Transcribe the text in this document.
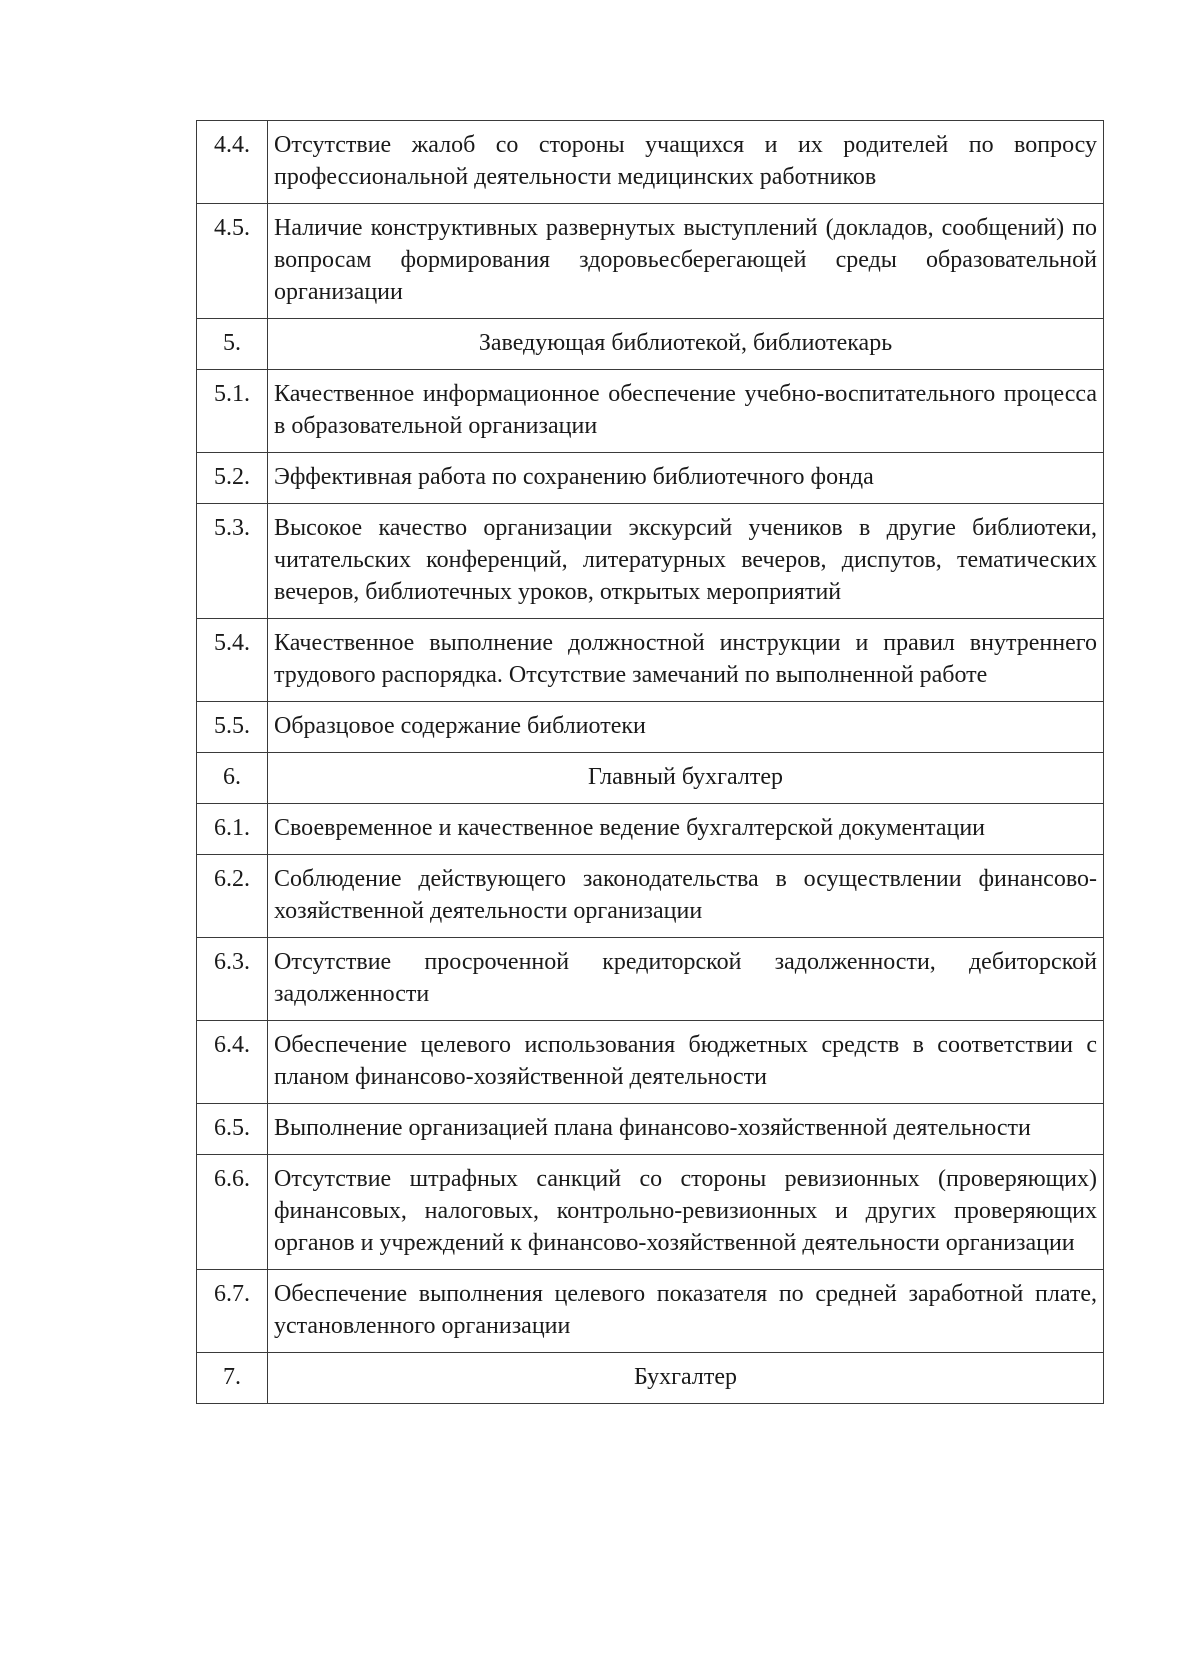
4.4.	Отсутствие жалоб со стороны учащихся и их родителей по вопросу профессиональной деятельности медицинских работников
4.5.	Наличие конструктивных развернутых выступлений (докладов, сообщений) по вопросам формирования здоровьесберегающей среды образовательной организации
5.	Заведующая библиотекой, библиотекарь
5.1.	Качественное информационное обеспечение учебно-воспитательного процесса в образовательной организации
5.2.	Эффективная работа по сохранению библиотечного фонда
5.3.	Высокое качество организации экскурсий учеников в другие библиотеки, читательских конференций, литературных вечеров, диспутов, тематических вечеров, библиотечных уроков, открытых мероприятий
5.4.	Качественное выполнение должностной инструкции и правил внутреннего трудового распорядка. Отсутствие замечаний по выполненной работе
5.5.	Образцовое содержание библиотеки
6.	Главный бухгалтер
6.1.	Своевременное и качественное ведение бухгалтерской документации
6.2.	Соблюдение действующего законодательства в осуществлении финансово-хозяйственной деятельности организации
6.3.	Отсутствие просроченной кредиторской задолженности, дебиторской задолженности
6.4.	Обеспечение целевого использования бюджетных средств в соответствии с планом финансово-хозяйственной деятельности
6.5.	Выполнение организацией плана финансово-хозяйственной деятельности
6.6.	Отсутствие штрафных санкций со стороны ревизионных (проверяющих) финансовых, налоговых, контрольно-ревизионных и других проверяющих органов и учреждений к финансово-хозяйственной деятельности организации
6.7.	Обеспечение выполнения целевого показателя по средней заработной плате, установленного организации
7.	Бухгалтер
